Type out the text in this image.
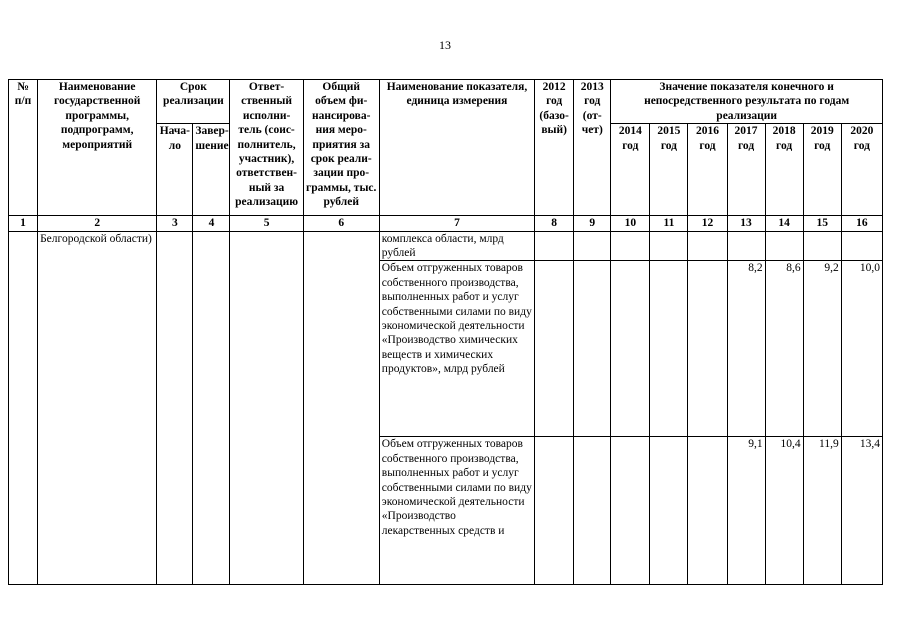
13
№ п/п	Наименование государственной программы, подпрограмм, мероприятий	Срок реализации		Ответ-ственный исполни-тель (соис-полнитель, участник), ответствен-ный за реализацию	Общий объем фи-нансирова-ния меро-приятия за срок реали-зации про-граммы, тыс. рублей	Наименование показателя, единица измерения	2012 год (базо-вый)	2013 год (от-чет)	Значение показателя конечного и непосредственного результата по годам реализации						
		Нача-ло	Завер-шение						2014 год	2015 год	2016 год	2017 год	2018 год	2019 год	2020 год
1	2	3	4	5	6	7	8	9	10	11	12	13	14	15	16
	Белгородской области)					комплекса области, млрд рублей									
						Объем отгруженных товаров собственного производства, выполненных работ и услуг собственными силами по виду экономической деятельности «Производство химических веществ и химических продуктов», млрд рублей						8,2	8,6	9,2	10,0
						Объем отгруженных товаров собственного производства, выполненных работ и услуг собственными силами по виду экономической деятельности «Производство лекарственных средств и						9,1	10,4	11,9	13,4
